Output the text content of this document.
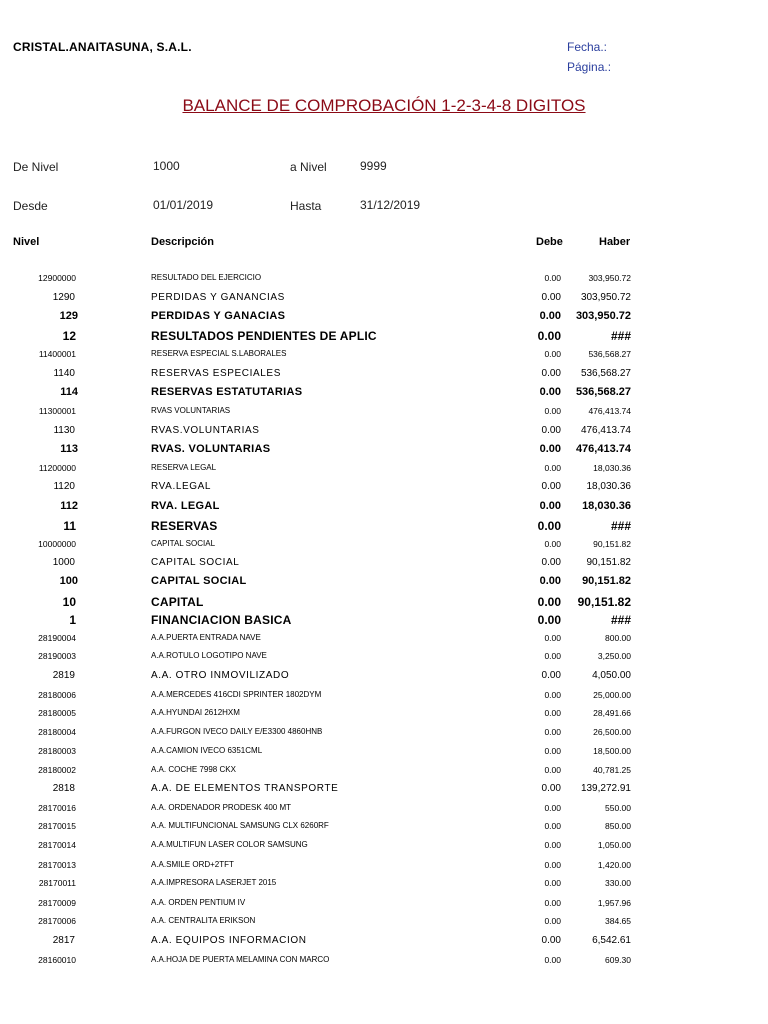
CRISTAL.ANAITASUNA, S.A.L.	Fecha.:
Página.:
BALANCE DE COMPROBACIÓN 1-2-3-4-8 DIGITOS
De Nivel	1000	a Nivel	9999
Desde	01/01/2019	Hasta	31/12/2019
Nivel	Descripción	Debe	Haber
12900000	RESULTADO DEL EJERCICIO	0.00	303,950.72
1290	PERDIDAS Y GANANCIAS	0.00 303,950.72
129	PERDIDAS Y GANACIAS	0.00 303,950.72
12	RESULTADOS PENDIENTES DE APLIC	0.00	###
11400001	RESERVA ESPECIAL S.LABORALES	0.00	536,568.27
1140	RESERVAS ESPECIALES	0.00 536,568.27
114	RESERVAS ESTATUTARIAS	0.00 536,568.27
11300001	RVAS VOLUNTARIAS	0.00	476,413.74
1130	RVAS.VOLUNTARIAS	0.00 476,413.74
113	RVAS. VOLUNTARIAS	0.00 476,413.74
11200000	RESERVA LEGAL	0.00	18,030.36
1120	RVA.LEGAL	0.00	18,030.36
112	RVA. LEGAL	0.00 18,030.36
11	RESERVAS	0.00	###
10000000	CAPITAL SOCIAL	0.00	90,151.82
1000	CAPITAL SOCIAL	0.00	90,151.82
100	CAPITAL SOCIAL	0.00 90,151.82
10	CAPITAL	0.00 90,151.82
1	FINANCIACION BASICA	0.00	###
28190004	A.A.PUERTA ENTRADA NAVE	0.00	800.00
28190003	A.A.ROTULO LOGOTIPO NAVE	0.00	3,250.00
2819	A.A. OTRO INMOVILIZADO	0.00	4,050.00
28180006	A.A.MERCEDES 416CDI SPRINTER 1802DYM	0.00	25,000.00
28180005	A.A.HYUNDAI 2612HXM	0.00	28,491.66
28180004	A.A.FURGON IVECO DAILY E/E3300 4860HNB	0.00	26,500.00
28180003	A.A.CAMION IVECO 6351CML	0.00	18,500.00
28180002	A.A. COCHE 7998 CKX	0.00	40,781.25
2818	A.A. DE ELEMENTOS TRANSPORTE	0.00 139,272.91
28170016	A.A. ORDENADOR PRODESK 400 MT	0.00	550.00
28170015	A.A. MULTIFUNCIONAL SAMSUNG CLX 6260RF	0.00	850.00
28170014	A.A.MULTIFUN LASER COLOR SAMSUNG	0.00	1,050.00
28170013	A.A.SMILE ORD+2TFT	0.00	1,420.00
28170011	A.A.IMPRESORA LASERJET 2015	0.00	330.00
28170009	A.A. ORDEN PENTIUM IV	0.00	1,957.96
28170006	A.A. CENTRALITA ERIKSON	0.00	384.65
2817	A.A. EQUIPOS INFORMACION	0.00	6,542.61
28160010	A.A.HOJA DE PUERTA MELAMINA CON MARCO	0.00	609.30
